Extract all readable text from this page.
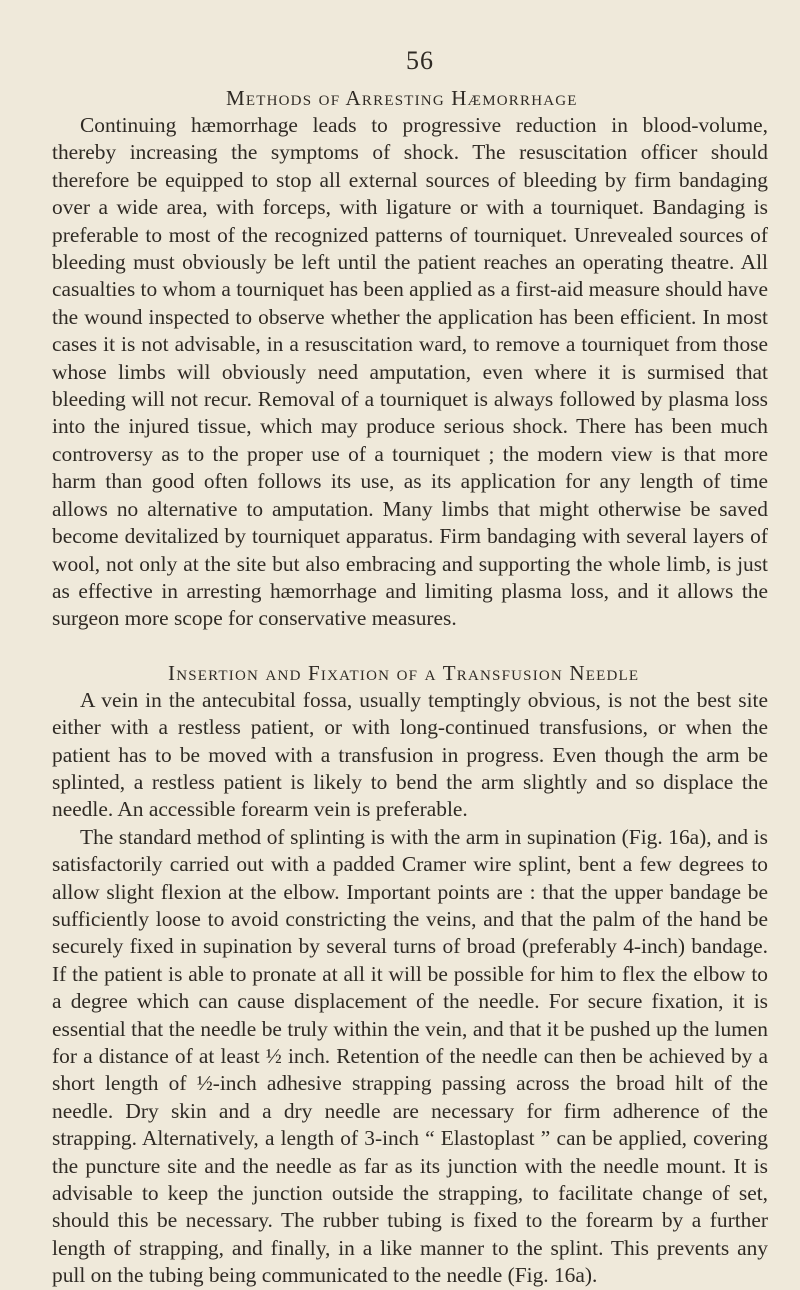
56
Methods of Arresting Hæmorrhage

Continuing hæmorrhage leads to progressive reduction in blood-volume, thereby increasing the symptoms of shock. The resuscitation officer should therefore be equipped to stop all external sources of bleeding by firm bandaging over a wide area, with forceps, with ligature or with a tourniquet. Bandaging is preferable to most of the recognized patterns of tourniquet. Unrevealed sources of bleeding must obviously be left until the patient reaches an operating theatre. All casualties to whom a tourniquet has been applied as a first-aid measure should have the wound inspected to observe whether the application has been efficient. In most cases it is not advisable, in a resuscitation ward, to remove a tourniquet from those whose limbs will obviously need amputation, even where it is surmised that bleeding will not recur. Removal of a tourniquet is always followed by plasma loss into the injured tissue, which may produce serious shock. There has been much controversy as to the proper use of a tourniquet ; the modern view is that more harm than good often follows its use, as its application for any length of time allows no alternative to amputation. Many limbs that might otherwise be saved become devitalized by tourniquet apparatus. Firm bandaging with several layers of wool, not only at the site but also embracing and supporting the whole limb, is just as effective in arresting hæmorrhage and limiting plasma loss, and it allows the surgeon more scope for conservative measures.

Insertion and Fixation of a Transfusion Needle

A vein in the antecubital fossa, usually temptingly obvious, is not the best site either with a restless patient, or with long-continued transfusions, or when the patient has to be moved with a transfusion in progress. Even though the arm be splinted, a restless patient is likely to bend the arm slightly and so displace the needle. An accessible forearm vein is preferable.

The standard method of splinting is with the arm in supination (Fig. 16a), and is satisfactorily carried out with a padded Cramer wire splint, bent a few degrees to allow slight flexion at the elbow. Important points are : that the upper bandage be sufficiently loose to avoid constricting the veins, and that the palm of the hand be securely fixed in supination by several turns of broad (preferably 4-inch) bandage. If the patient is able to pronate at all it will be possible for him to flex the elbow to a degree which can cause displacement of the needle. For secure fixation, it is essential that the needle be truly within the vein, and that it be pushed up the lumen for a distance of at least ½ inch. Retention of the needle can then be achieved by a short length of ½-inch adhesive strapping passing across the broad hilt of the needle. Dry skin and a dry needle are necessary for firm adherence of the strapping. Alternatively, a length of 3-inch “ Elastoplast ” can be applied, covering the puncture site and the needle as far as its junction with the needle mount. It is advisable to keep the junction outside the strapping, to facilitate change of set, should this be necessary. The rubber tubing is fixed to the forearm by a further length of strapping, and finally, in a like manner to the splint. This prevents any pull on the tubing being communicated to the needle (Fig. 16a).
